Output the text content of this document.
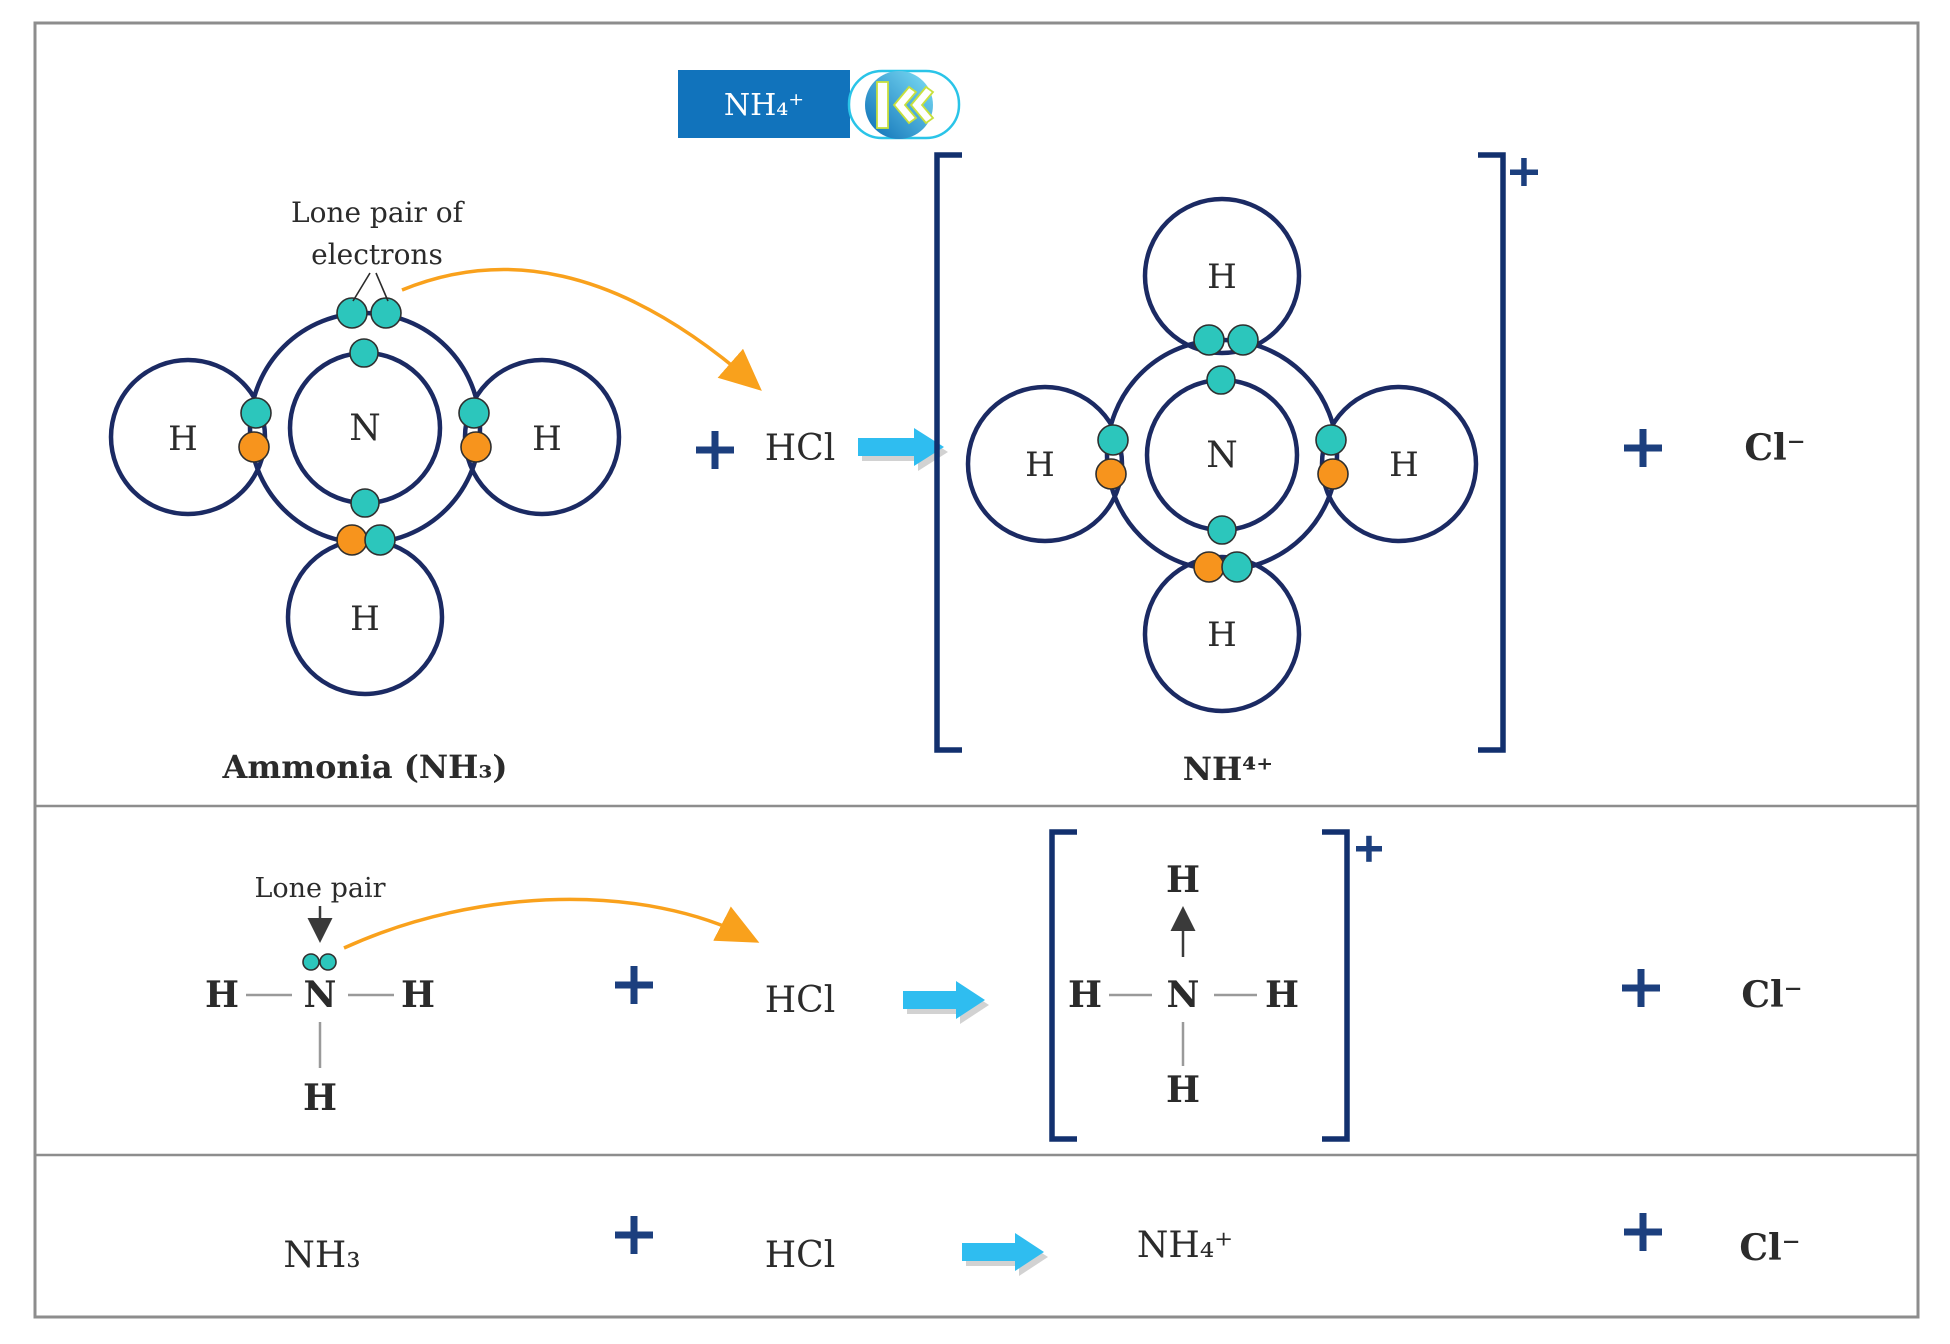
NH₄⁺
N
H	H
H
Ammonia (NH₃)
Lone pair of
electrons
HCl	N
H
H	H
H
NH⁴⁺
Cl⁻
Lone pair
H N H
H
HCl
H
H N H
H
Cl⁻
NH₃	HCl	NH₄⁺	Cl⁻
